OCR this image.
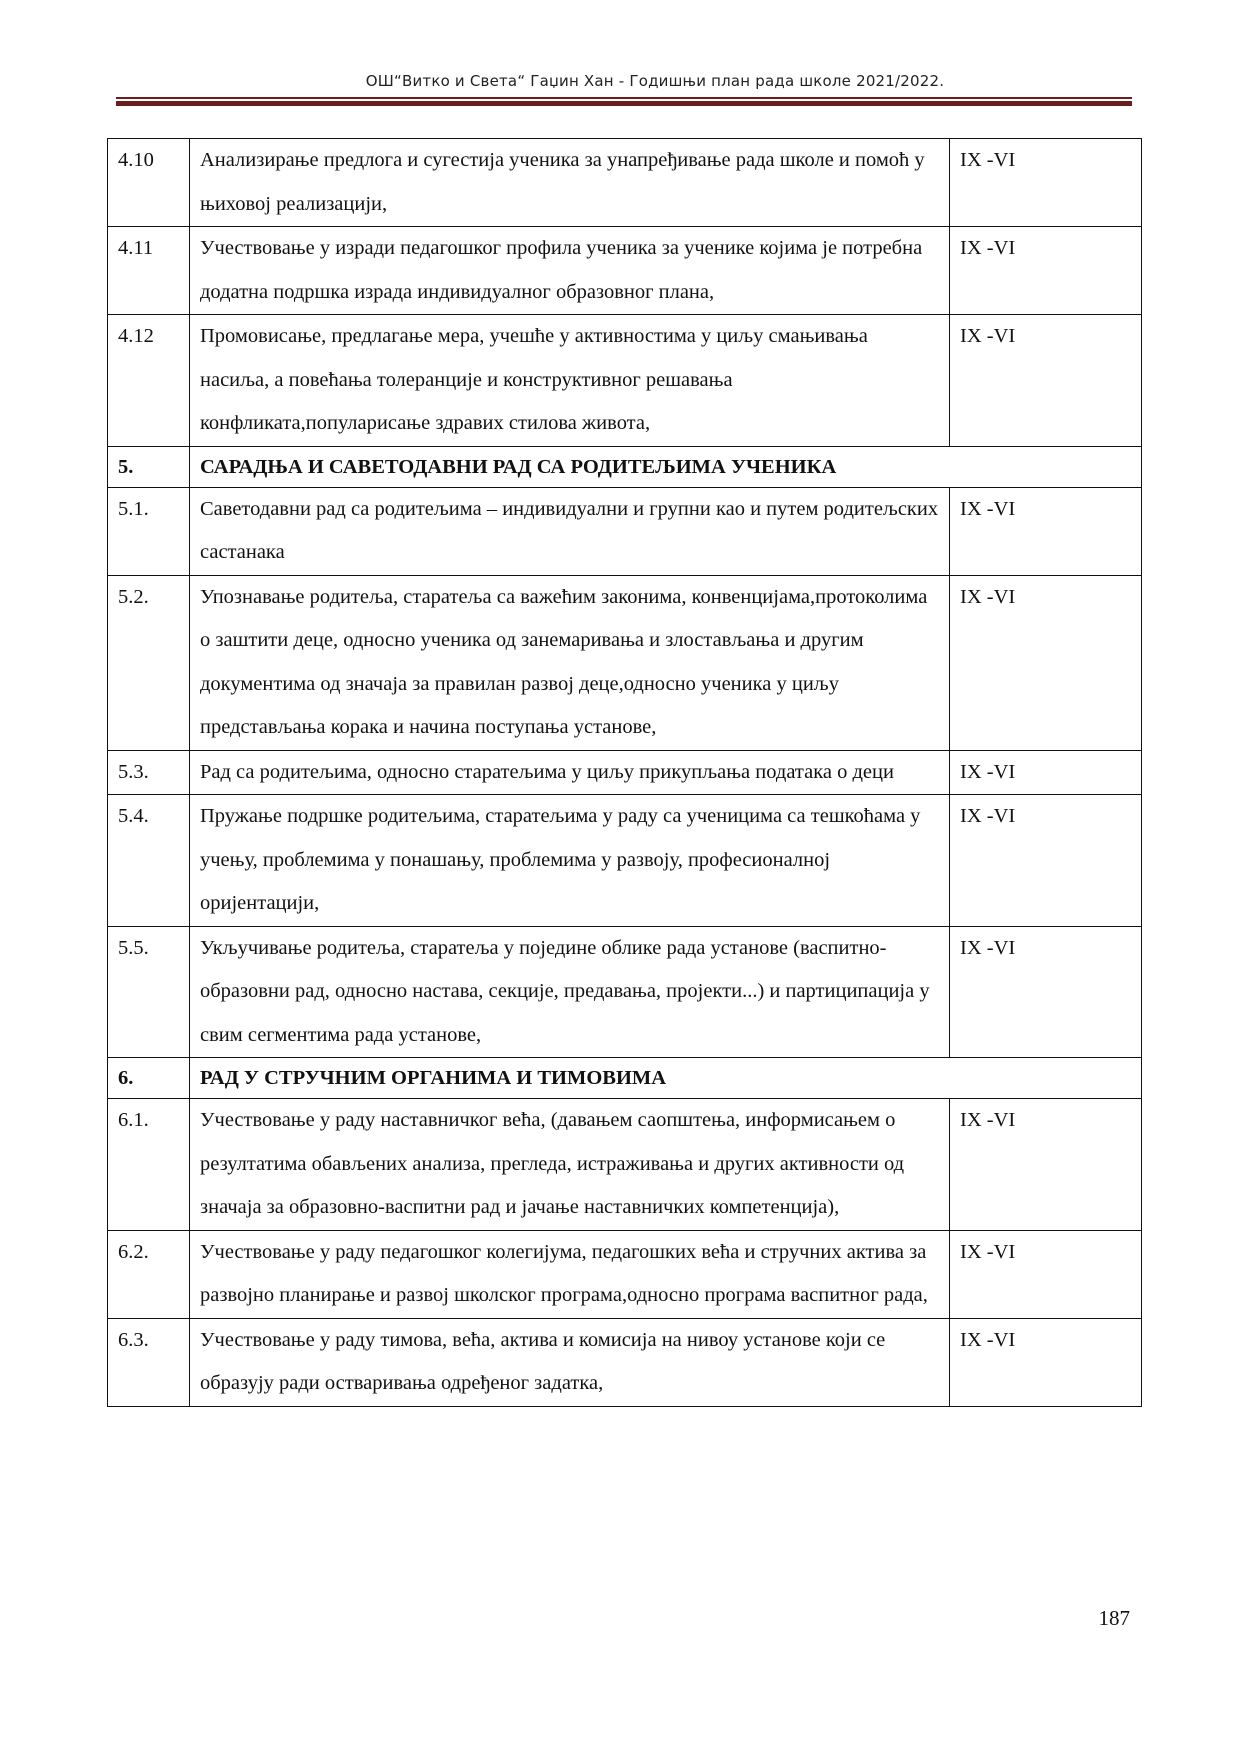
ОШ“Витко и Света“ Гаџин Хан - Годишњи план рада школе 2021/2022.
4.10	Анализирање предлога и сугестија ученика за унапређивање рада школе и помоћ у њиховој реализацији,	IX -VI
4.11	Учествовање у изради педагошког профила ученика за ученике којима је потребна додатна подршка израда индивидуалног образовног плана,	IX -VI
4.12	Промовисање, предлагање мера, учешће у активностима у циљу смањивања насиља, а повећања толеранције и конструктивног решавања конфликата,популарисање здравих стилова живота,	IX -VI
5.	САРАДЊА И САВЕТОДАВНИ РАД СА РОДИТЕЉИМА УЧЕНИКА	
5.1.	Саветодавни рад са родитељима – индивидуални и групни као и путем родитељских састанака	IX -VI
5.2.	Упознавање родитеља, старатеља са важећим законима, конвенцијама,протоколима о заштити деце, односно ученика од занемаривања и злостављања и другим документима од значаја за правилан развој деце,односно ученика у циљу представљања корака и начина поступања установе,	IX -VI
5.3.	Рад са родитељима, односно старатељима у циљу прикупљања података о деци	IX -VI
5.4.	Пружање подршке родитељима, старатељима у раду са ученицима са тешкоћама у учењу, проблемима у понашању, проблемима у развоју, професионалној оријентацији,	IX -VI
5.5.	Укључивање родитеља, старатеља у поједине облике рада установе (васпитно-образовни рад, односно настава, секције, предавања, пројекти...) и партиципација у свим сегментима рада установе,	IX -VI
6.	РАД У СТРУЧНИМ ОРГАНИМА И ТИМОВИМА	
6.1.	Учествовање у раду наставничког већа, (давањем саопштења, информисањем о резултатима обављених анализа, прегледа, истраживања и других активности од значаја за образовно-васпитни рад и јачање наставничких компетенција),	IX -VI
6.2.	Учествовање у раду педагошког колегијума, педагошких већа и стручних актива за развојно планирање и развој школског програма,односно програма васпитног рада,	IX -VI
6.3.	Учествовање у раду тимова, већа, актива и комисија на нивоу установе који се образују ради остваривања одређеног задатка,	IX -VI
187
